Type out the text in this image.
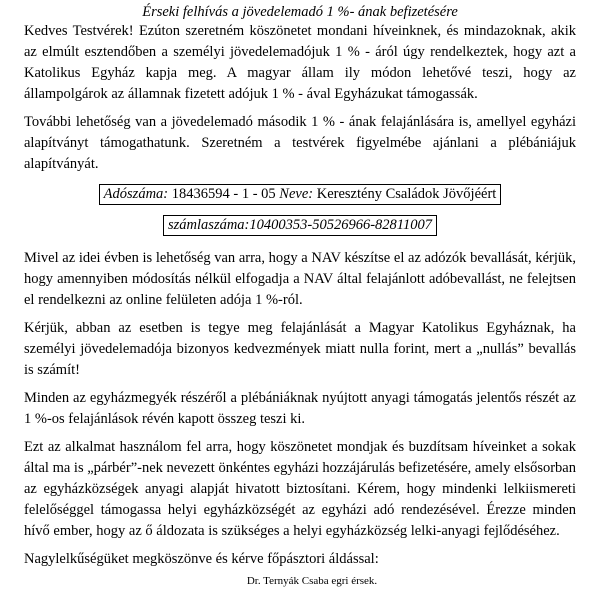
Érseki felhívás a jövedelemadó 1 %- ának befizetésére

Kedves Testvérek! Ezúton szeretném köszönetet mondani híveinknek, és mindazoknak, akik az elmúlt esztendőben a személyi jövedelemadójuk 1 % - áról úgy rendelkeztek, hogy azt a Katolikus Egyház kapja meg. A magyar állam ily módon lehetővé teszi, hogy az állampolgárok az államnak fizetett adójuk 1 % - ával Egyházukat támogassák.

További lehetőség van a jövedelemadó második 1 % - ának felajánlására is, amellyel egyházi alapítványt támogathatunk. Szeretném a testvérek figyelmébe ajánlani a plébániájuk alapítványát.

Adószáma: 18436594 - 1 - 05 Neve: Keresztény Családok Jövőjéért
számlaszáma:10400353-50526966-82811007

Mivel az idei évben is lehetőség van arra, hogy a NAV készítse el az adózók bevallását, kérjük, hogy amennyiben módosítás nélkül elfogadja a NAV által felajánlott adóbevallást, ne felejtsen el rendelkezni az online felületen adója 1 %-ról.

Kérjük, abban az esetben is tegye meg felajánlását a Magyar Katolikus Egyháznak, ha személyi jövedelemadója bizonyos kedvezmények miatt nulla forint, mert a „nullás” bevallás is számít!

Minden az egyházmegyék részéről a plébániáknak nyújtott anyagi támogatás jelentős részét az 1 %-os felajánlások révén kapott összeg teszi ki.

Ezt az alkalmat használom fel arra, hogy köszönetet mondjak és buzdítsam híveinket a sokak által ma is „párbér”-nek nevezett önkéntes egyházi hozzájárulás befizetésére, amely elsősorban az egyházközségek anyagi alapját hivatott biztosítani. Kérem, hogy mindenki lelkiismereti felelőséggel támogassa helyi egyházközségét az egyházi adó rendezésével. Érezze minden hívő ember, hogy az ő áldozata is szükséges a helyi egyházközség lelki-anyagi fejlődéséhez.

Nagylelkűségüket megköszönve és kérve főpásztori áldással:

Dr. Ternyák Csaba egri érsek.
